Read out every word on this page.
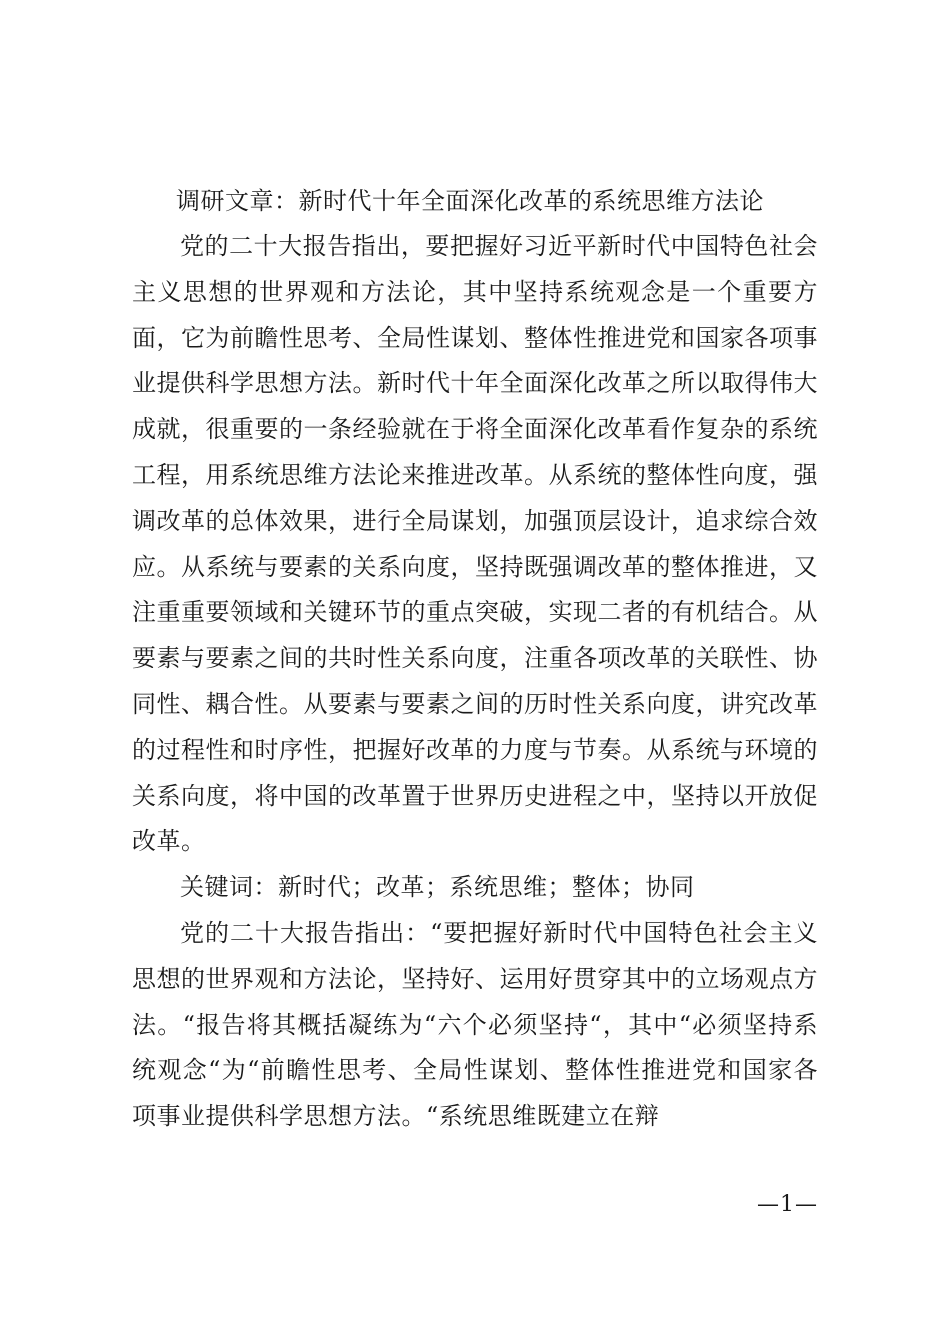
调研文章：新时代十年全面深化改革的系统思维方法论

党的二十大报告指出，要把握好习近平新时代中国特色社会主义思想的世界观和方法论，其中坚持系统观念是一个重要方面，它为前瞻性思考、全局性谋划、整体性推进党和国家各项事业提供科学思想方法。新时代十年全面深化改革之所以取得伟大成就，很重要的一条经验就在于将全面深化改革看作复杂的系统工程，用系统思维方法论来推进改革。从系统的整体性向度，强调改革的总体效果，进行全局谋划，加强顶层设计，追求综合效应。从系统与要素的关系向度，坚持既强调改革的整体推进，又注重重要领域和关键环节的重点突破，实现二者的有机结合。从要素与要素之间的共时性关系向度，注重各项改革的关联性、协同性、耦合性。从要素与要素之间的历时性关系向度，讲究改革的过程性和时序性，把握好改革的力度与节奏。从系统与环境的关系向度，将中国的改革置于世界历史进程之中，坚持以开放促改革。

关键词：新时代；改革；系统思维；整体；协同

党的二十大报告指出：“要把握好新时代中国特色社会主义思想的世界观和方法论，坚持好、运用好贯穿其中的立场观点方法。“报告将其概括凝练为“六个必须坚持“，其中“必须坚持系统观念“为“前瞻性思考、全局性谋划、整体性推进党和国家各项事业提供科学思想方法。“系统思维既建立在辩

—1—
